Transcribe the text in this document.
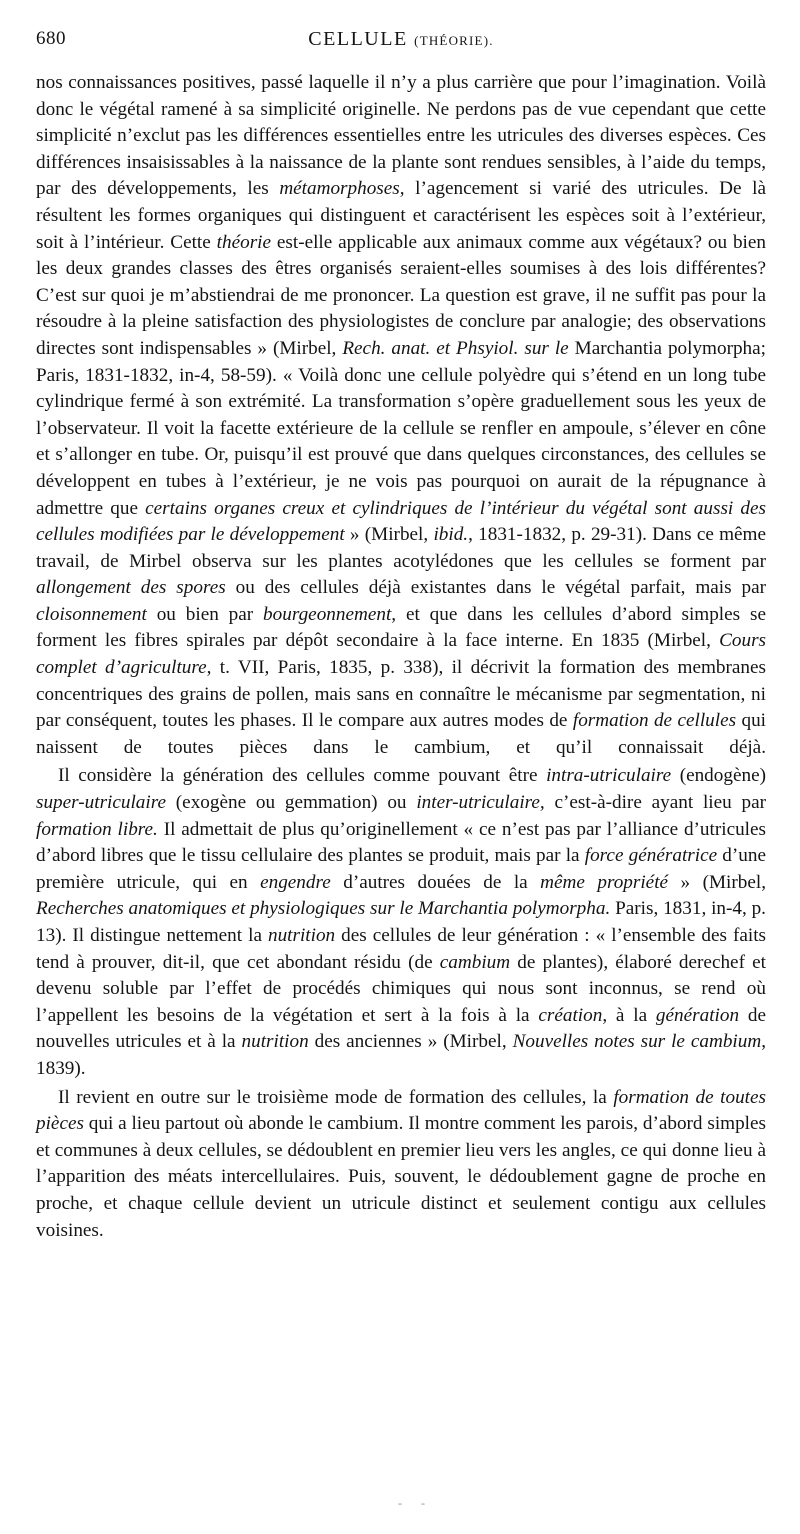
680	CELLULE (THÉORIE).

nos connaissances positives, passé laquelle il n’y a plus carrière que pour l’imagination. Voilà donc le végétal ramené à sa simplicité originelle. Ne perdons pas de vue cependant que cette simplicité n’exclut pas les différences essentielles entre les utricules des diverses espèces. Ces différences insaisissables à la naissance de la plante sont rendues sensibles, à l’aide du temps, par des développements, les métamorphoses, l’agencement si varié des utricules. De là résultent les formes organiques qui distinguent et caractérisent les espèces soit à l’extérieur, soit à l’intérieur. Cette théorie est-elle applicable aux animaux comme aux végétaux? ou bien les deux grandes classes des êtres organisés seraient-elles soumises à des lois différentes? C’est sur quoi je m’abstiendrai de me prononcer. La question est grave, il ne suffit pas pour la résoudre à la pleine satisfaction des physiologistes de conclure par analogie; des observations directes sont indispensables » (Mirbel, Rech. anat. et Phsyiol. sur le Marchantia polymorpha; Paris, 1831-1832, in-4, 58-59). « Voilà donc une cellule polyèdre qui s’étend en un long tube cylindrique fermé à son extrémité. La transformation s’opère graduellement sous les yeux de l’observateur. Il voit la facette extérieure de la cellule se renfler en ampoule, s’élever en cône et s’allonger en tube. Or, puisqu’il est prouvé que dans quelques circonstances, des cellules se développent en tubes à l’extérieur, je ne vois pas pourquoi on aurait de la répugnance à admettre que certains organes creux et cylindriques de l’intérieur du végétal sont aussi des cellules modifiées par le développement » (Mirbel, ibid., 1831-1832, p. 29-31). Dans ce même travail, de Mirbel observa sur les plantes acotylédones que les cellules se forment par allongement des spores ou des cellules déjà existantes dans le végétal parfait, mais par cloisonnement ou bien par bourgeonnement, et que dans les cellules d’abord simples se forment les fibres spirales par dépôt secondaire à la face interne. En 1835 (Mirbel, Cours complet d’agriculture, t. VII, Paris, 1835, p. 338), il décrivit la formation des membranes concentriques des grains de pollen, mais sans en connaître le mécanisme par segmentation, ni par conséquent, toutes les phases. Il le compare aux autres modes de formation de cellules qui naissent de toutes pièces dans le cambium, et qu’il connaissait déjà.

Il considère la génération des cellules comme pouvant être intra-utriculaire (endogène) super-utriculaire (exogène ou gemmation) ou inter-utriculaire, c’est-à-dire ayant lieu par formation libre. Il admettait de plus qu’originellement « ce n’est pas par l’alliance d’utricules d’abord libres que le tissu cellulaire des plantes se produit, mais par la force génératrice d’une première utricule, qui en engendre d’autres douées de la même propriété » (Mirbel, Recherches anatomiques et physiologiques sur le Marchantia polymorpha. Paris, 1831, in-4, p. 13). Il distingue nettement la nutrition des cellules de leur génération : « l’ensemble des faits tend à prouver, dit-il, que cet abondant résidu (de cambium de plantes), élaboré derechef et devenu soluble par l’effet de procédés chimiques qui nous sont inconnus, se rend où l’appellent les besoins de la végétation et sert à la fois à la création, à la génération de nouvelles utricules et à la nutrition des anciennes » (Mirbel, Nouvelles notes sur le cambium, 1839).

Il revient en outre sur le troisième mode de formation des cellules, la formation de toutes pièces qui a lieu partout où abonde le cambium. Il montre comment les parois, d’abord simples et communes à deux cellules, se dédoublent en premier lieu vers les angles, ce qui donne lieu à l’apparition des méats intercellulaires. Puis, souvent, le dédoublement gagne de proche en proche, et chaque cellule devient un utricule distinct et seulement contigu aux cellules voisines.

- -
